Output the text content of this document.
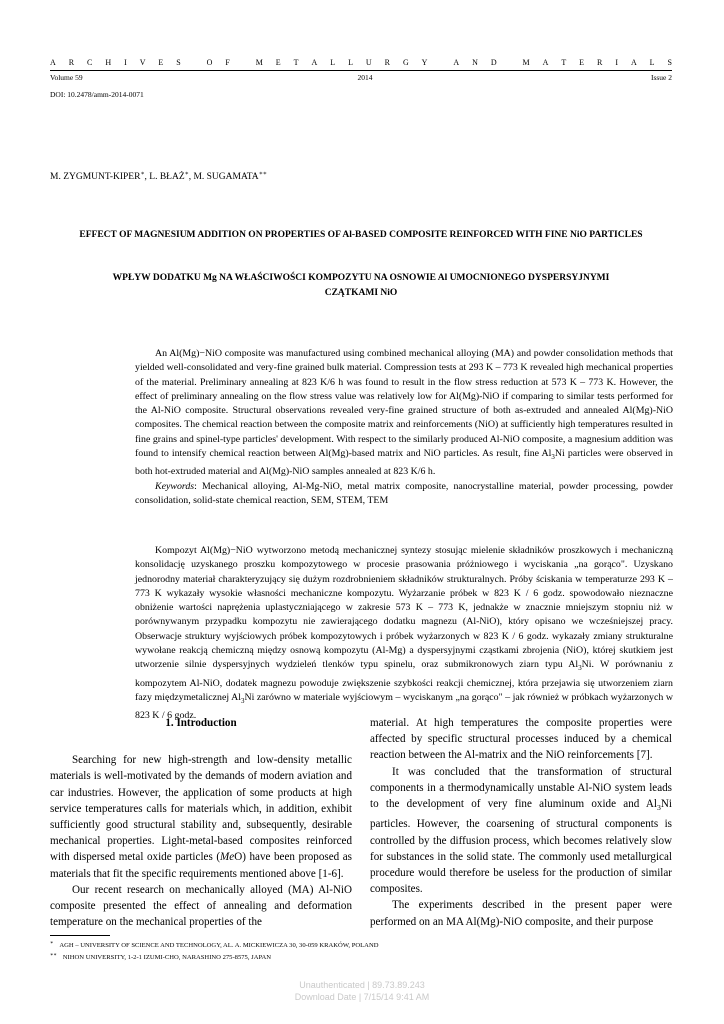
A R C H I V E S	O F	M E T A L L U R G Y	A N D	M A T E R I A L S
Volume 59	2014	Issue 2
DOI: 10.2478/amm-2014-0071
M. ZYGMUNT-KIPER∗, L. BŁAŻ∗, M. SUGAMATA∗∗
EFFECT OF MAGNESIUM ADDITION ON PROPERTIES OF Al-BASED COMPOSITE REINFORCED WITH FINE NiO PARTICLES
WPŁYW DODATKU Mg NA WŁAŚCIWOŚCI KOMPOZYTU NA OSNOWIE Al UMOCNIONEGO DYSPERSYJNYMI
CZĄTKAMI NiO

An Al(Mg)−NiO composite was manufactured using combined mechanical alloying (MA) and powder consolidation methods that yielded well-consolidated and very-fine grained bulk material. Compression tests at 293 K – 773 K revealed high mechanical properties of the material. Preliminary annealing at 823 K/6 h was found to result in the flow stress reduction at 573 K – 773 K. However, the effect of preliminary annealing on the flow stress value was relatively low for Al(Mg)-NiO if comparing to similar tests performed for the Al-NiO composite. Structural observations revealed very-fine grained structure of both as-extruded and annealed Al(Mg)-NiO composites. The chemical reaction between the composite matrix and reinforcements (NiO) at sufficiently high temperatures resulted in fine grains and spinel-type particles' development. With respect to the similarly produced Al-NiO composite, a magnesium addition was found to intensify chemical reaction between Al(Mg)-based matrix and NiO particles. As result, fine $Al_3Ni$ particles were observed in both hot-extruded material and Al(Mg)-NiO samples annealed at 823 K/6 h.

Keywords: Mechanical alloying, Al-Mg-NiO, metal matrix composite, nanocrystalline material, powder processing, powder consolidation, solid-state chemical reaction, SEM, STEM, TEM

Kompozyt Al(Mg)−NiO wytworzono metodą mechanicznej syntezy stosując mielenie składników proszkowych i mechaniczną konsolidację uzyskanego proszku kompozytowego w procesie prasowania próżniowego i wyciskania „na gorąco". Uzyskano jednorodny materiał charakteryzujący się dużym rozdrobnieniem składników strukturalnych. Próby ściskania w temperaturze 293 K – 773 K wykazały wysokie własności mechaniczne kompozytu. Wyżarzanie próbek w 823 K / 6 godz. spowodowało nieznaczne obniżenie wartości naprężenia uplastyczniającego w zakresie 573 K – 773 K, jednakże w znacznie mniejszym stopniu niż w porównywanym przypadku kompozytu nie zawierającego dodatku magnezu (Al-NiO), który opisano we wcześniejszej pracy. Obserwacje struktury wyjściowych próbek kompozytowych i próbek wyżarzonych w 823 K / 6 godz. wykazały zmiany strukturalne wywołane reakcją chemiczną między osnową kompozytu (Al-Mg) a dyspersyjnymi cząstkami zbrojenia (NiO), której skutkiem jest utworzenie silnie dyspersyjnych wydzieleń tlenków typu spinelu, oraz submikronowych ziarn typu $Al_3Ni$. W porównaniu z kompozytem Al-NiO, dodatek magnezu powoduje zwiększenie szybkości reakcji chemicznej, która przejawia się utworzeniem ziarn fazy międzymetalicznej $Al_3Ni$ zarówno w materiale wyjściowym – wyciskanym „na gorąco" – jak również w próbkach wyżarzonych w 823 K / 6 godz.

1. Introduction

Searching for new high-strength and low-density metallic materials is well-motivated by the demands of modern aviation and car industries. However, the application of some products at high service temperatures calls for materials which, in addition, exhibit sufficiently good structural stability and, subsequently, desirable mechanical properties. Light-metal-based composites reinforced with dispersed metal oxide particles (MeO) have been proposed as materials that fit the specific requirements mentioned above [1-6].

Our recent research on mechanically alloyed (MA) Al-NiO composite presented the effect of annealing and deformation temperature on the mechanical properties of the

material. At high temperatures the composite properties were affected by specific structural processes induced by a chemical reaction between the Al-matrix and the NiO reinforcements [7].

It was concluded that the transformation of structural components in a thermodynamically unstable Al-NiO system leads to the development of very fine aluminum oxide and $Al_3Ni$ particles. However, the coarsening of structural components is controlled by the diffusion process, which becomes relatively slow for substances in the solid state. The commonly used metallurgical procedure would therefore be useless for the production of similar composites.

The experiments described in the present paper were performed on an MA Al(Mg)-NiO composite, and their purpose

∗ AGH – UNIVERSITY OF SCIENCE AND TECHNOLOGY, AL. A. MICKIEWICZA 30, 30-059 KRAKÓW, POLAND
∗∗ NIHON UNIVERSITY, 1-2-1 IZUMI-CHO, NARASHINO 275-8575, JAPAN
Unauthenticated | 89.73.89.243
Download Date | 7/15/14 9:41 AM
